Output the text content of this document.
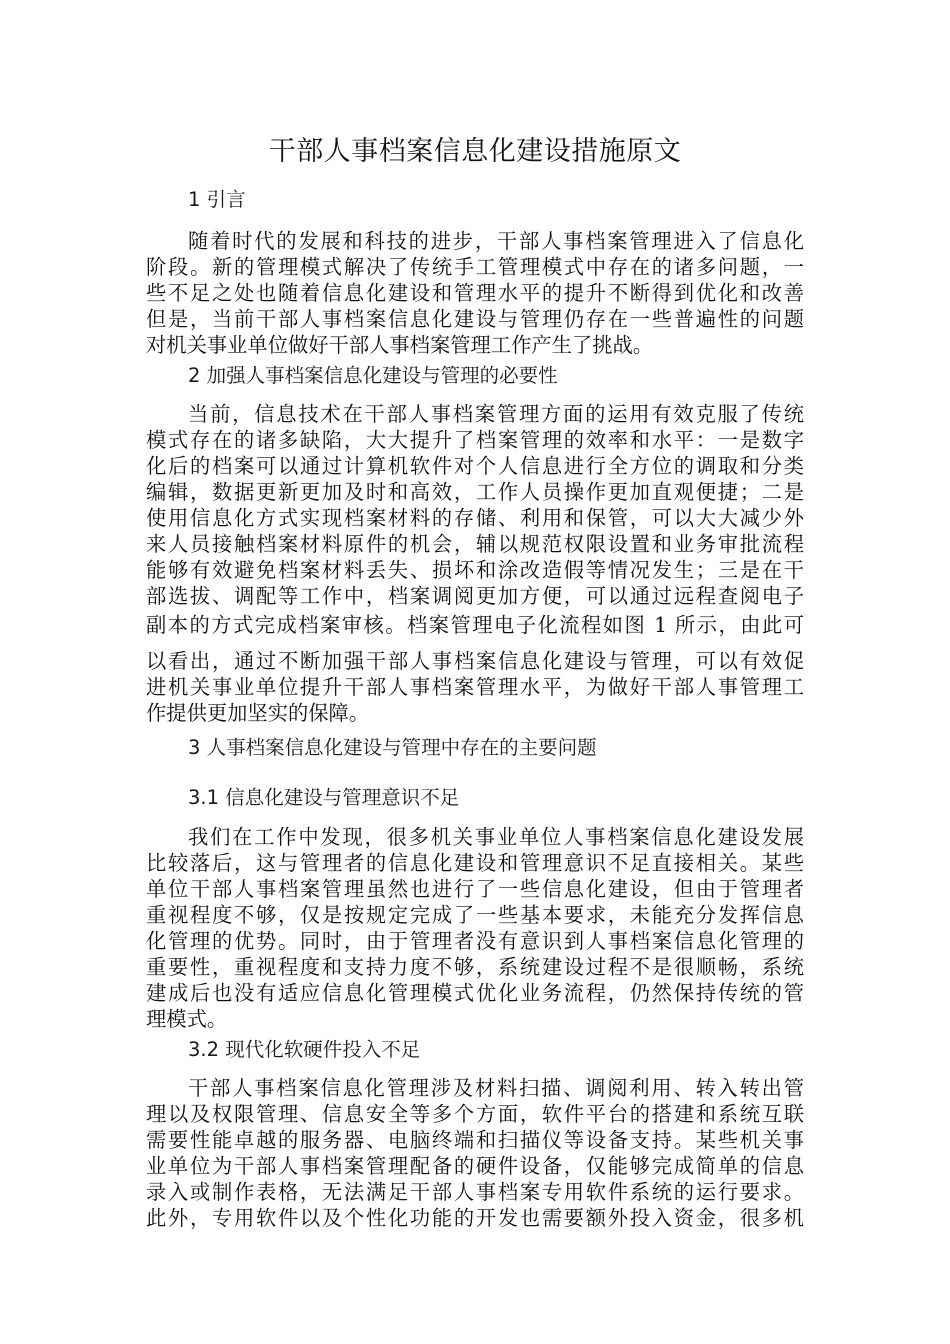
干部人事档案信息化建设措施原文
1 引言
随着时代的发展和科技的进步，干部人事档案管理进入了信息化
阶段。新的管理模式解决了传统手工管理模式中存在的诸多问题，一
些不足之处也随着信息化建设和管理水平的提升不断得到优化和改善
但是，当前干部人事档案信息化建设与管理仍存在一些普遍性的问题
对机关事业单位做好干部人事档案管理工作产生了挑战。
2 加强人事档案信息化建设与管理的必要性
当前，信息技术在干部人事档案管理方面的运用有效克服了传统
模式存在的诸多缺陷，大大提升了档案管理的效率和水平：一是数字
化后的档案可以通过计算机软件对个人信息进行全方位的调取和分类
编辑，数据更新更加及时和高效，工作人员操作更加直观便捷；二是
使用信息化方式实现档案材料的存储、利用和保管，可以大大减少外
来人员接触档案材料原件的机会，辅以规范权限设置和业务审批流程
能够有效避免档案材料丢失、损坏和涂改造假等情况发生；三是在干
部选拔、调配等工作中，档案调阅更加方便，可以通过远程查阅电子
副本的方式完成档案审核。档案管理电子化流程如图 1 所示，由此可
以看出，通过不断加强干部人事档案信息化建设与管理，可以有效促
进机关事业单位提升干部人事档案管理水平，为做好干部人事管理工
作提供更加坚实的保障。
3 人事档案信息化建设与管理中存在的主要问题
3.1 信息化建设与管理意识不足
我们在工作中发现，很多机关事业单位人事档案信息化建设发展
比较落后，这与管理者的信息化建设和管理意识不足直接相关。某些
单位干部人事档案管理虽然也进行了一些信息化建设，但由于管理者
重视程度不够，仅是按规定完成了一些基本要求，未能充分发挥信息
化管理的优势。同时，由于管理者没有意识到人事档案信息化管理的
重要性，重视程度和支持力度不够，系统建设过程不是很顺畅，系统
建成后也没有适应信息化管理模式优化业务流程，仍然保持传统的管
理模式。
3.2 现代化软硬件投入不足
干部人事档案信息化管理涉及材料扫描、调阅利用、转入转出管
理以及权限管理、信息安全等多个方面，软件平台的搭建和系统互联
需要性能卓越的服务器、电脑终端和扫描仪等设备支持。某些机关事
业单位为干部人事档案管理配备的硬件设备，仅能够完成简单的信息
录入或制作表格，无法满足干部人事档案专用软件系统的运行要求。
此外，专用软件以及个性化功能的开发也需要额外投入资金，很多机
